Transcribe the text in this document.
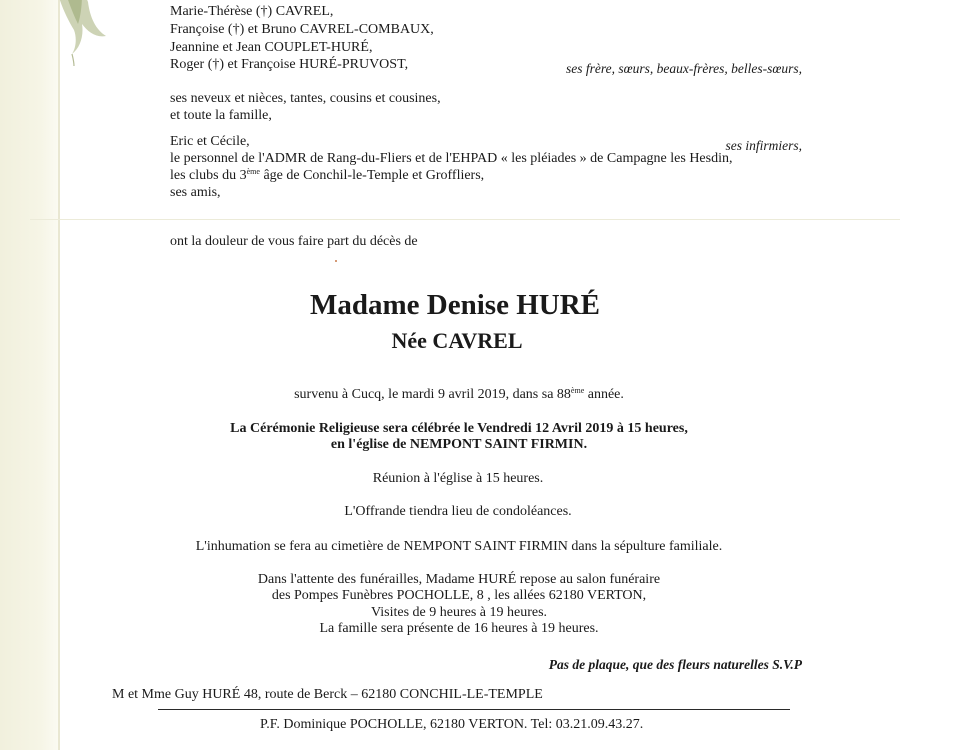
Marie-Thérèse (†) CAVREL,
Françoise (†) et Bruno CAVREL-COMBAUX,
Jeannine et Jean COUPLET-HURÉ,
Roger (†) et Françoise HURÉ-PRUVOST,	ses frère, sœurs, beaux-frères, belles-sœurs,
ses neveux et nièces, tantes, cousins et cousines,
et toute la famille,
Eric et Cécile,	ses infirmiers,
le personnel de l'ADMR de Rang-du-Fliers et de l'EHPAD « les pléiades » de Campagne les Hesdin,
les clubs du 3ème âge de Conchil-le-Temple et Groffliers,
ses amis,
ont la douleur de vous faire part du décès de
Madame Denise HURÉ
Née CAVREL
survenu à Cucq, le mardi 9 avril 2019, dans sa 88ème année.
La Cérémonie Religieuse sera célébrée le Vendredi 12 Avril 2019 à 15 heures,
en l'église de NEMPONT SAINT FIRMIN.
Réunion à l'église à 15 heures.
L'Offrande tiendra lieu de condoléances.
L'inhumation se fera au cimetière de NEMPONT SAINT FIRMIN dans la sépulture familiale.
Dans l'attente des funérailles, Madame HURÉ repose au salon funéraire
des Pompes Funèbres POCHOLLE, 8 , les allées 62180 VERTON,
Visites de 9 heures à 19 heures.
La famille sera présente de 16 heures à 19 heures.
Pas de plaque, que des fleurs naturelles S.V.P
M et Mme Guy HURÉ 48, route de Berck – 62180 CONCHIL-LE-TEMPLE
P.F. Dominique POCHOLLE, 62180 VERTON. Tel: 03.21.09.43.27.
